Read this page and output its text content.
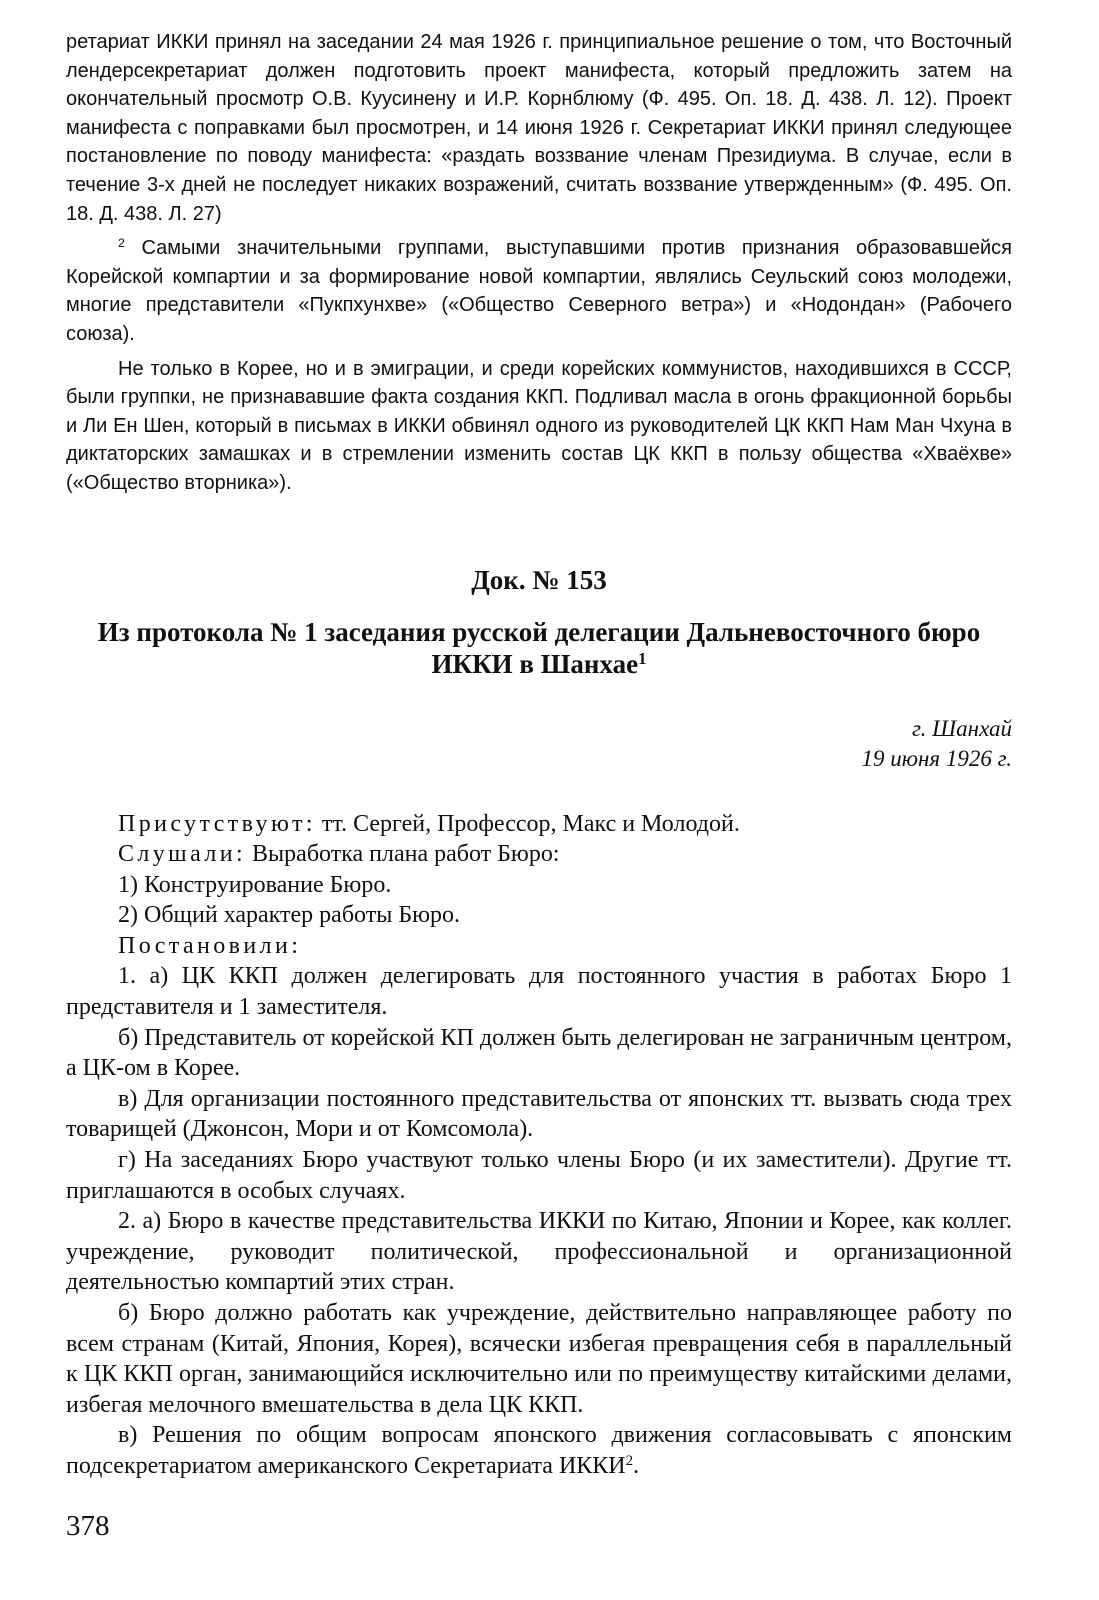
ретариат ИККИ принял на заседании 24 мая 1926 г. принципиальное решение о том, что Восточный лендерсекретариат должен подготовить проект манифеста, который предложить затем на окончательный просмотр О.В. Куусинену и И.Р. Корнблюму (Ф. 495. Оп. 18. Д. 438. Л. 12). Проект манифеста с поправками был просмотрен, и 14 июня 1926 г. Секретариат ИККИ принял следующее постановление по поводу манифеста: «раздать воззвание членам Президиума. В случае, если в течение 3-х дней не последует никаких возражений, считать воззвание утвержденным» (Ф. 495. Оп. 18. Д. 438. Л. 27)

$^2$ Самыми значительными группами, выступавшими против признания образовавшейся Корейской компартии и за формирование новой компартии, являлись Сеульский союз молодежи, многие представители «Пукпхунхве» («Общество Северного ветра») и «Нодондан» (Рабочего союза).

Не только в Корее, но и в эмиграции, и среди корейских коммунистов, находившихся в СССР, были группки, не признававшие факта создания ККП. Подливал масла в огонь фракционной борьбы и Ли Ен Шен, который в письмах в ИККИ обвинял одного из руководителей ЦК ККП Нам Ман Чхуна в диктаторских замашках и в стремлении изменить состав ЦК ККП в пользу общества «Хваёхве» («Общество вторника»).

Док. № 153
Из протокола № 1 заседания русской делегации Дальневосточного бюро ИККИ в Шанхае$^1$
г. Шанхай
19 июня 1926 г.

Присутствуют: тт. Сергей, Профессор, Макс и Молодой.

Слушали: Выработка плана работ Бюро:

1) Конструирование Бюро.

2) Общий характер работы Бюро.

Постановили:

1. а) ЦК ККП должен делегировать для постоянного участия в работах Бюро 1 представителя и 1 заместителя.

б) Представитель от корейской КП должен быть делегирован не заграничным центром, а ЦК-ом в Корее.

в) Для организации постоянного представительства от японских тт. вызвать сюда трех товарищей (Джонсон, Мори и от Комсомола).

г) На заседаниях Бюро участвуют только члены Бюро (и их заместители). Другие тт. приглашаются в особых случаях.

2. а) Бюро в качестве представительства ИККИ по Китаю, Японии и Корее, как коллег. учреждение, руководит политической, профессиональной и организационной деятельностью компартий этих стран.

б) Бюро должно работать как учреждение, действительно направляющее работу по всем странам (Китай, Япония, Корея), всячески избегая превращения себя в параллельный к ЦК ККП орган, занимающийся исключительно или по преимуществу китайскими делами, избегая мелочного вмешательства в дела ЦК ККП.

в) Решения по общим вопросам японского движения согласовывать с японским подсекретариатом американского Секретариата ИККИ$^2$.

378
